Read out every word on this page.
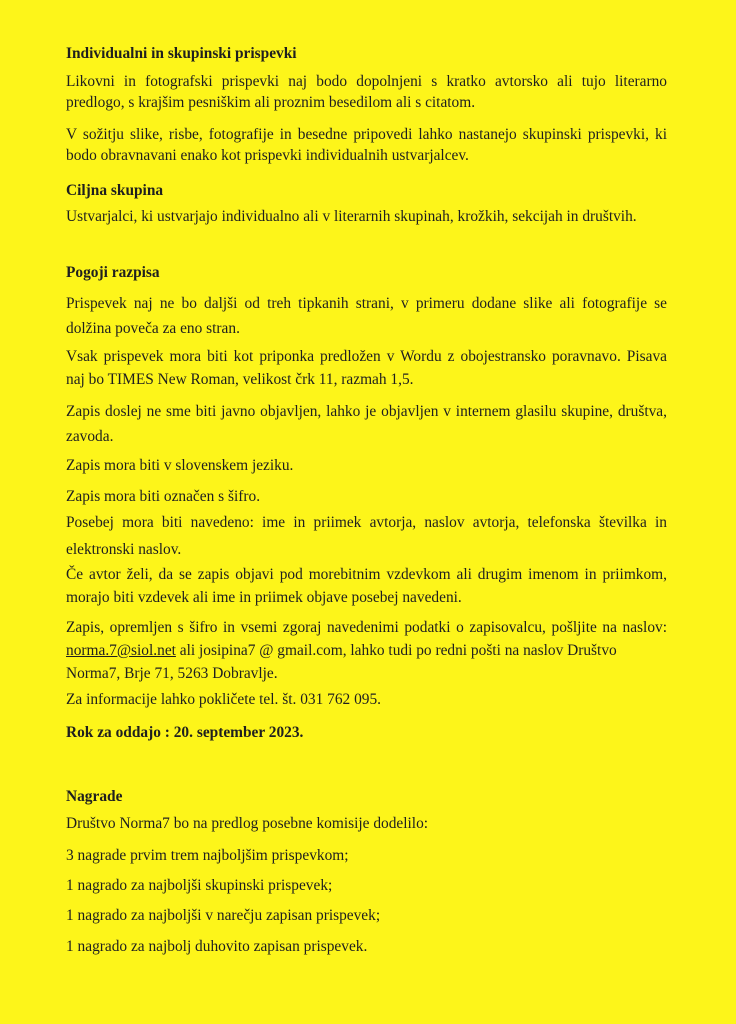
Individualni in skupinski prispevki

Likovni in fotografski prispevki naj bodo dopolnjeni s kratko avtorsko ali tujo literarno

predlogo, s krajšim pesniškim ali proznim besedilom ali s citatom.

V sožitju slike, risbe, fotografije in besedne pripovedi lahko nastanejo skupinski prispevki, ki

bodo obravnavani enako kot prispevki individualnih ustvarjalcev.

Ciljna skupina

Ustvarjalci, ki ustvarjajo individualno ali v literarnih skupinah, krožkih, sekcijah in društvih.

Pogoji razpisa

Prispevek naj ne bo daljši od treh tipkanih strani, v primeru dodane slike ali fotografije se

dolžina poveča za eno stran.

Vsak prispevek mora biti kot priponka predložen v Wordu z obojestransko poravnavo. Pisava

naj bo TIMES New Roman, velikost črk 11, razmah 1,5.

Zapis doslej ne sme biti javno objavljen, lahko je objavljen v internem glasilu skupine, društva,

zavoda.

Zapis mora biti v slovenskem jeziku.

Zapis mora biti označen s šifro.

Posebej mora biti navedeno: ime in priimek avtorja, naslov avtorja, telefonska številka in

elektronski naslov.

Če avtor želi, da se zapis objavi pod morebitnim vzdevkom ali drugim imenom in priimkom,

morajo biti vzdevek ali ime in priimek objave posebej navedeni.

Zapis, opremljen s šifro in vsemi zgoraj navedenimi podatki o zapisovalcu, pošljite na naslov:

norma.7@siol.net ali josipina7 @ gmail.com, lahko tudi po redni pošti na naslov Društvo

Norma7, Brje 71, 5263 Dobravlje.

Za informacije lahko pokličete tel. št. 031 762 095.

Rok za oddajo : 20. september 2023.

Nagrade

Društvo Norma7 bo na predlog posebne komisije dodelilo:

3 nagrade prvim trem najboljšim prispevkom;

1 nagrado za najboljši skupinski prispevek;

1 nagrado za najboljši v narečju zapisan prispevek;

1 nagrado za najbolj duhovito zapisan prispevek.
